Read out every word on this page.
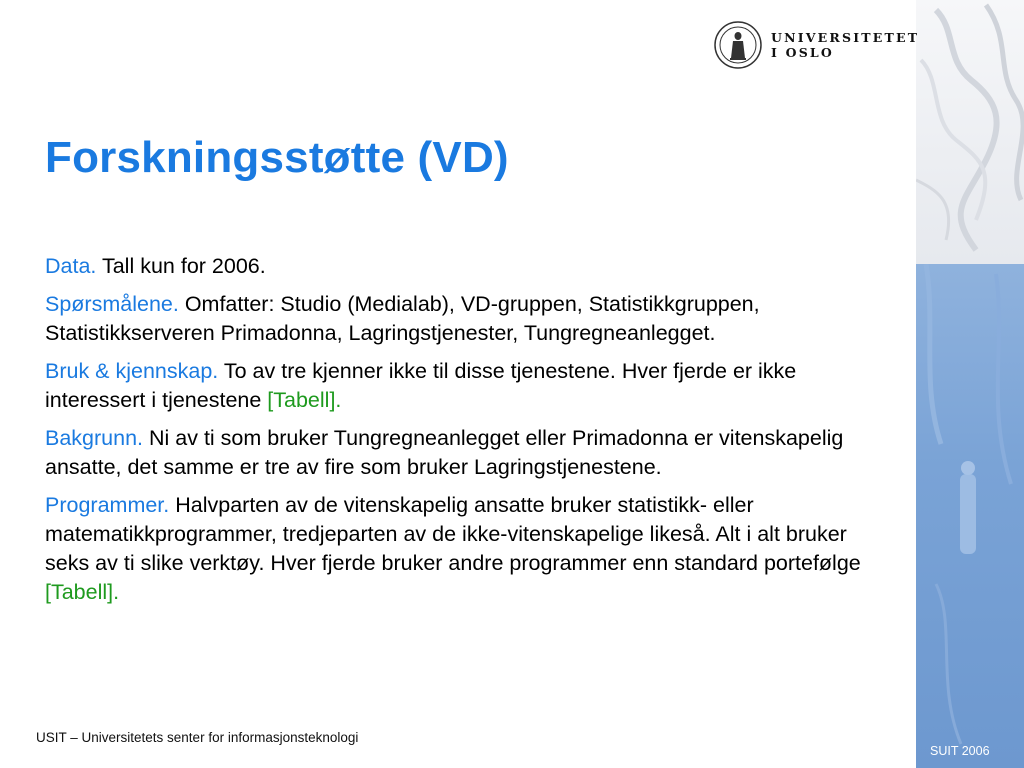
UNIVERSITETET
I OSLO
Forskningsstøtte (VD)

Data. Tall kun for 2006.

Spørsmålene. Omfatter: Studio (Medialab), VD-gruppen, Statistikkgruppen, Statistikkserveren Primadonna, Lagringstjenester, Tungregneanlegget.

Bruk & kjennskap. To av tre kjenner ikke til disse tjenestene. Hver fjerde er ikke interessert i tjenestene [Tabell].

Bakgrunn. Ni av ti som bruker Tungregneanlegget eller Primadonna er vitenskapelig ansatte, det samme er tre av fire som bruker Lagringstjenestene.

Programmer. Halvparten av de vitenskapelig ansatte bruker statistikk- eller matematikkprogrammer, tredjeparten av de ikke-vitenskapelige likeså. Alt i alt bruker seks av ti slike verktøy. Hver fjerde bruker andre programmer enn standard portefølge [Tabell].

USIT – Universitetets senter for informasjonsteknologi
SUIT 2006
